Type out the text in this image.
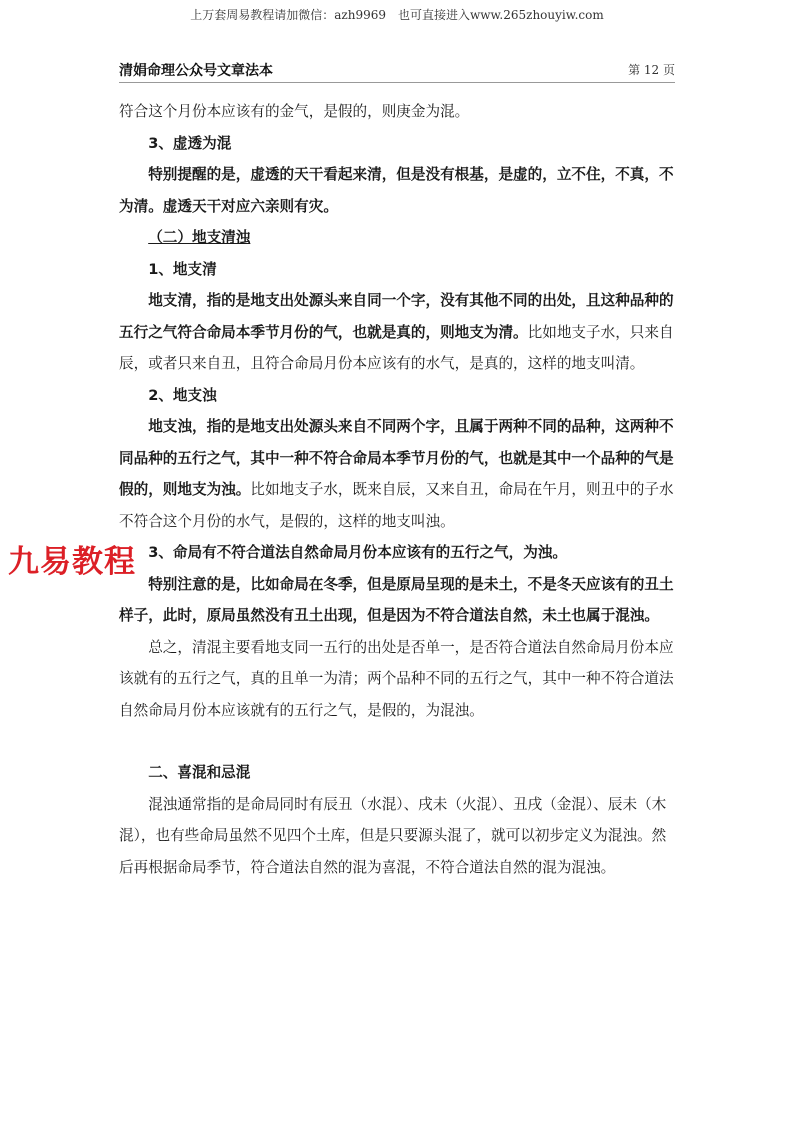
上万套周易教程请加微信：azh9969　也可直接进入www.265zhouyiw.com
清娟命理公众号文章法本	第 12 页

符合这个月份本应该有的金气，是假的，则庚金为混。

3、虚透为混

特别提醒的是，虚透的天干看起来清，但是没有根基，是虚的，立不住，不真，不为清。虚透天干对应六亲则有灾。

（二）地支清浊

1、地支清

地支清，指的是地支出处源头来自同一个字，没有其他不同的出处，且这种品种的五行之气符合命局本季节月份的气，也就是真的，则地支为清。比如地支子水，只来自辰，或者只来自丑，且符合命局月份本应该有的水气，是真的，这样的地支叫清。

2、地支浊

地支浊，指的是地支出处源头来自不同两个字，且属于两种不同的品种，这两种不同品种的五行之气，其中一种不符合命局本季节月份的气，也就是其中一个品种的气是假的，则地支为浊。比如地支子水，既来自辰，又来自丑，命局在午月，则丑中的子水不符合这个月份的水气，是假的，这样的地支叫浊。

3、命局有不符合道法自然命局月份本应该有的五行之气，为浊。

特别注意的是，比如命局在冬季，但是原局呈现的是未土，不是冬天应该有的丑土样子，此时，原局虽然没有丑土出现，但是因为不符合道法自然，未土也属于混浊。

总之，清混主要看地支同一五行的出处是否单一，是否符合道法自然命局月份本应该就有的五行之气，真的且单一为清；两个品种不同的五行之气，其中一种不符合道法自然命局月份本应该就有的五行之气，是假的，为混浊。

二、喜混和忌混

混浊通常指的是命局同时有辰丑（水混）、戌未（火混）、丑戌（金混）、辰未（木混），也有些命局虽然不见四个土库，但是只要源头混了，就可以初步定义为混浊。然后再根据命局季节，符合道法自然的混为喜混，不符合道法自然的混为混浊。

九易教程
